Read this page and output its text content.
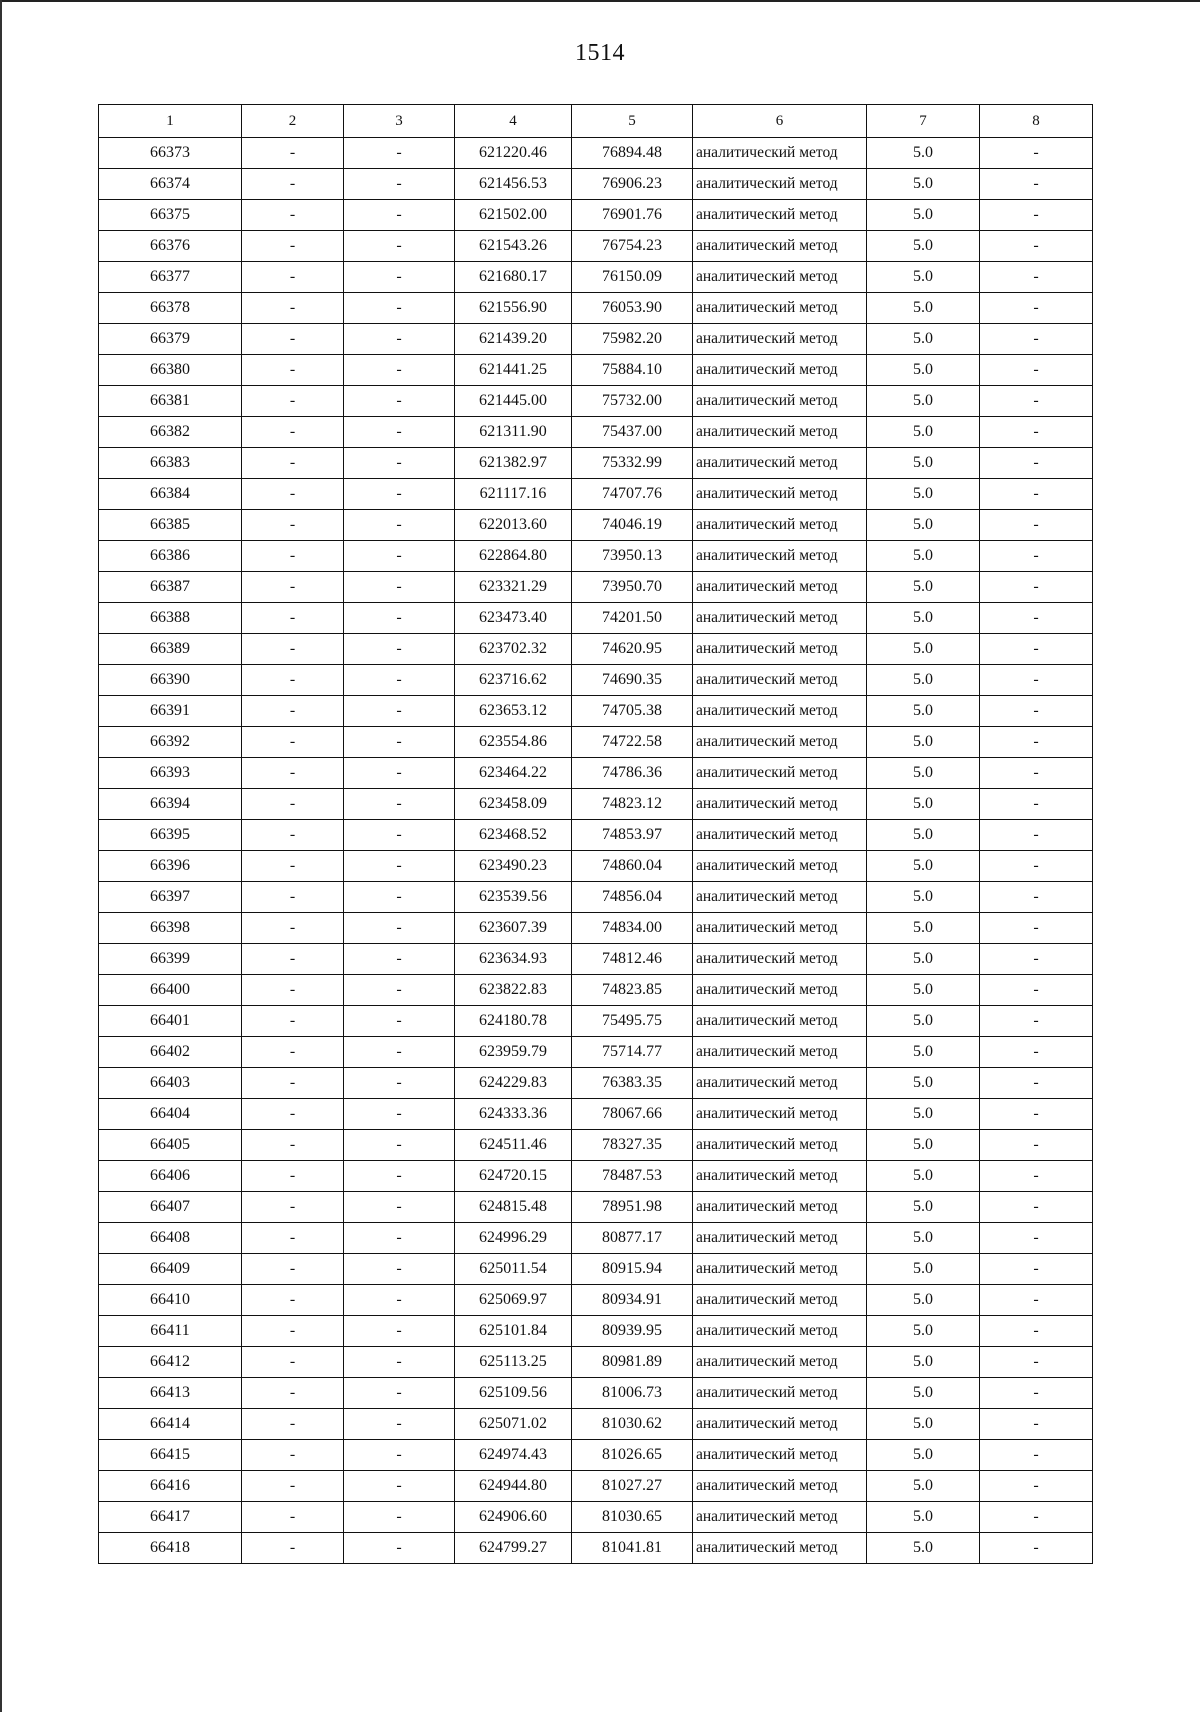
1514
1	2	3	4	5	6	7	8
66373	-	-	621220.46	76894.48	аналитический метод	5.0	-
66374	-	-	621456.53	76906.23	аналитический метод	5.0	-
66375	-	-	621502.00	76901.76	аналитический метод	5.0	-
66376	-	-	621543.26	76754.23	аналитический метод	5.0	-
66377	-	-	621680.17	76150.09	аналитический метод	5.0	-
66378	-	-	621556.90	76053.90	аналитический метод	5.0	-
66379	-	-	621439.20	75982.20	аналитический метод	5.0	-
66380	-	-	621441.25	75884.10	аналитический метод	5.0	-
66381	-	-	621445.00	75732.00	аналитический метод	5.0	-
66382	-	-	621311.90	75437.00	аналитический метод	5.0	-
66383	-	-	621382.97	75332.99	аналитический метод	5.0	-
66384	-	-	621117.16	74707.76	аналитический метод	5.0	-
66385	-	-	622013.60	74046.19	аналитический метод	5.0	-
66386	-	-	622864.80	73950.13	аналитический метод	5.0	-
66387	-	-	623321.29	73950.70	аналитический метод	5.0	-
66388	-	-	623473.40	74201.50	аналитический метод	5.0	-
66389	-	-	623702.32	74620.95	аналитический метод	5.0	-
66390	-	-	623716.62	74690.35	аналитический метод	5.0	-
66391	-	-	623653.12	74705.38	аналитический метод	5.0	-
66392	-	-	623554.86	74722.58	аналитический метод	5.0	-
66393	-	-	623464.22	74786.36	аналитический метод	5.0	-
66394	-	-	623458.09	74823.12	аналитический метод	5.0	-
66395	-	-	623468.52	74853.97	аналитический метод	5.0	-
66396	-	-	623490.23	74860.04	аналитический метод	5.0	-
66397	-	-	623539.56	74856.04	аналитический метод	5.0	-
66398	-	-	623607.39	74834.00	аналитический метод	5.0	-
66399	-	-	623634.93	74812.46	аналитический метод	5.0	-
66400	-	-	623822.83	74823.85	аналитический метод	5.0	-
66401	-	-	624180.78	75495.75	аналитический метод	5.0	-
66402	-	-	623959.79	75714.77	аналитический метод	5.0	-
66403	-	-	624229.83	76383.35	аналитический метод	5.0	-
66404	-	-	624333.36	78067.66	аналитический метод	5.0	-
66405	-	-	624511.46	78327.35	аналитический метод	5.0	-
66406	-	-	624720.15	78487.53	аналитический метод	5.0	-
66407	-	-	624815.48	78951.98	аналитический метод	5.0	-
66408	-	-	624996.29	80877.17	аналитический метод	5.0	-
66409	-	-	625011.54	80915.94	аналитический метод	5.0	-
66410	-	-	625069.97	80934.91	аналитический метод	5.0	-
66411	-	-	625101.84	80939.95	аналитический метод	5.0	-
66412	-	-	625113.25	80981.89	аналитический метод	5.0	-
66413	-	-	625109.56	81006.73	аналитический метод	5.0	-
66414	-	-	625071.02	81030.62	аналитический метод	5.0	-
66415	-	-	624974.43	81026.65	аналитический метод	5.0	-
66416	-	-	624944.80	81027.27	аналитический метод	5.0	-
66417	-	-	624906.60	81030.65	аналитический метод	5.0	-
66418	-	-	624799.27	81041.81	аналитический метод	5.0	-
